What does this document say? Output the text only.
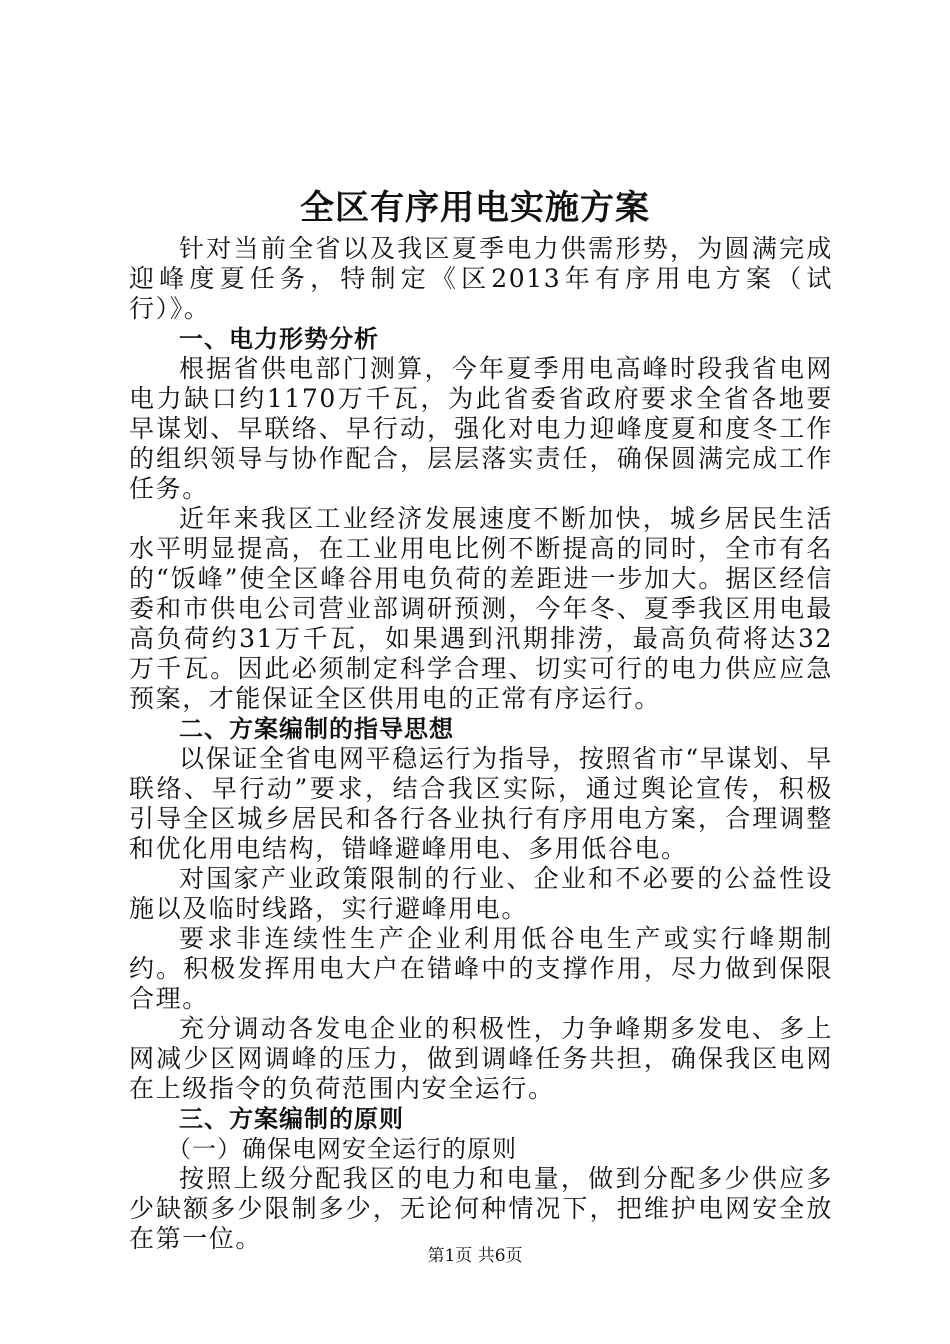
全区有序用电实施方案

针对当前全省以及我区夏季电力供需形势，为圆满完成迎峰度夏任务，特制定《区2013年有序用电方案（试行）》。

一、电力形势分析

根据省供电部门测算，今年夏季用电高峰时段我省电网电力缺口约1170万千瓦，为此省委省政府要求全省各地要早谋划、早联络、早行动，强化对电力迎峰度夏和度冬工作的组织领导与协作配合，层层落实责任，确保圆满完成工作任务。

近年来我区工业经济发展速度不断加快，城乡居民生活水平明显提高，在工业用电比例不断提高的同时，全市有名的“饭峰”使全区峰谷用电负荷的差距进一步加大。据区经信委和市供电公司营业部调研预测，今年冬、夏季我区用电最高负荷约31万千瓦，如果遇到汛期排涝，最高负荷将达32万千瓦。因此必须制定科学合理、切实可行的电力供应应急预案，才能保证全区供用电的正常有序运行。

二、方案编制的指导思想

以保证全省电网平稳运行为指导，按照省市“早谋划、早联络、早行动”要求，结合我区实际，通过舆论宣传，积极引导全区城乡居民和各行各业执行有序用电方案，合理调整和优化用电结构，错峰避峰用电、多用低谷电。

对国家产业政策限制的行业、企业和不必要的公益性设施以及临时线路，实行避峰用电。

要求非连续性生产企业利用低谷电生产或实行峰期制约。积极发挥用电大户在错峰中的支撑作用，尽力做到保限合理。

充分调动各发电企业的积极性，力争峰期多发电、多上网减少区网调峰的压力，做到调峰任务共担，确保我区电网在上级指令的负荷范围内安全运行。

三、方案编制的原则
（一）确保电网安全运行的原则

按照上级分配我区的电力和电量，做到分配多少供应多少缺额多少限制多少，无论何种情况下，把维护电网安全放在第一位。

第1页 共6页
